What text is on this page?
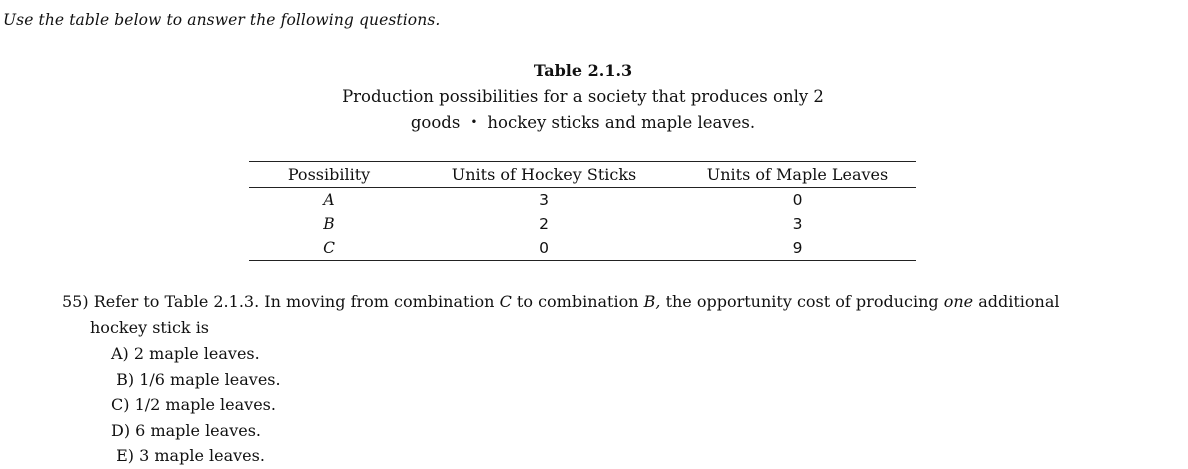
Use the table below to answer the following questions.
Table 2.1.3
Production possibilities for a society that produces only 2
goods • hockey sticks and maple leaves.
Possibility	Units of Hockey Sticks	Units of Maple Leaves
A	3	0
B	2	3
C	0	9
55) Refer to Table 2.1.3. In moving from combination C to combination B, the opportunity cost of producing one additional
hockey stick is
A) 2 maple leaves.
B) 1/6 maple leaves.
C) 1/2 maple leaves.
D) 6 maple leaves.
E) 3 maple leaves.
